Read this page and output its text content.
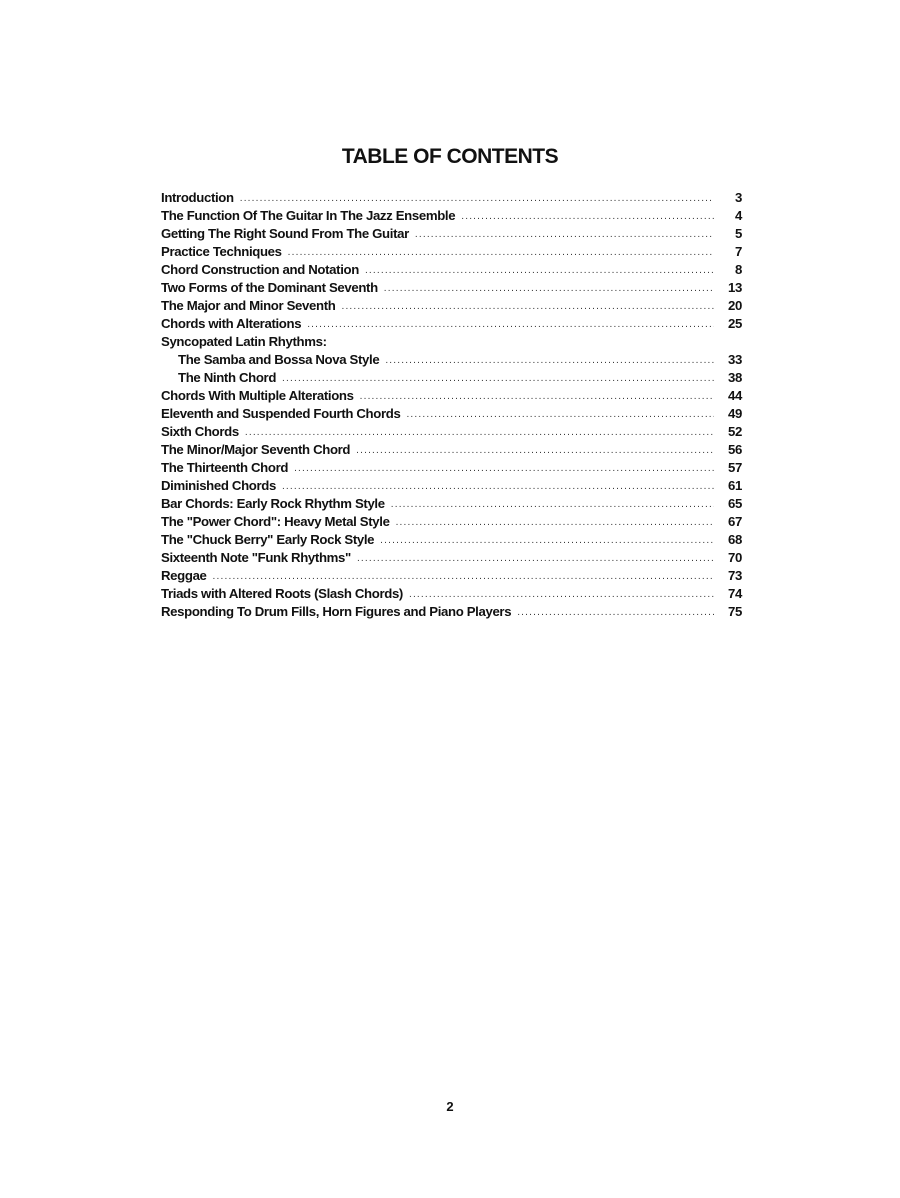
TABLE OF CONTENTS
Introduction .....	3
The Function Of The Guitar In The Jazz Ensemble .....	4
Getting The Right Sound From The Guitar .....	5
Practice Techniques .....	7
Chord Construction and Notation .....	8
Two Forms of the Dominant Seventh .....	13
The Major and Minor Seventh .....	20
Chords with Alterations .....	25
Syncopated Latin Rhythms:
The Samba and Bossa Nova Style .....	33
The Ninth Chord .....	38
Chords With Multiple Alterations .....	44
Eleventh and Suspended Fourth Chords .....	49
Sixth Chords .....	52
The Minor/Major Seventh Chord .....	56
The Thirteenth Chord .....	57
Diminished Chords .....	61
Bar Chords: Early Rock Rhythm Style .....	65
The "Power Chord": Heavy Metal Style .....	67
The "Chuck Berry" Early Rock Style .....	68
Sixteenth Note "Funk Rhythms" .....	70
Reggae .....	73
Triads with Altered Roots (Slash Chords) .....	74
Responding To Drum Fills, Horn Figures and Piano Players .....	75
2
